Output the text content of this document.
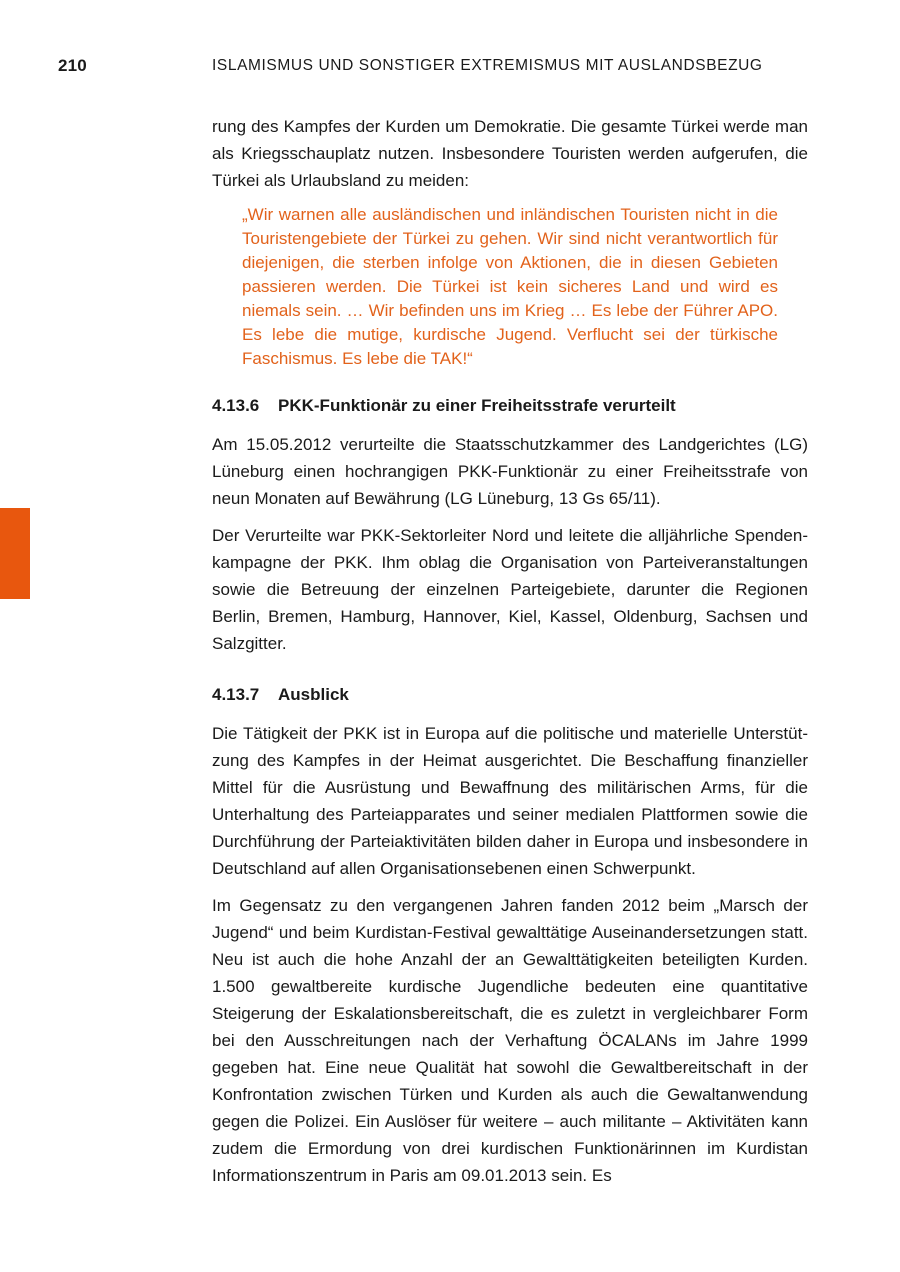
210	ISLAMISMUS UND SONSTIGER EXTREMISMUS MIT AUSLANDSBEZUG

rung des Kampfes der Kurden um Demokratie. Die gesamte Türkei werde man als Kriegsschauplatz nutzen. Insbesondere Touristen werden aufgerufen, die Türkei als Urlaubsland zu meiden:

„Wir warnen alle ausländischen und inländischen Touristen nicht in die Touristengebiete der Türkei zu gehen. Wir sind nicht verantwortlich für diejenigen, die sterben infolge von Aktionen, die in diesen Gebieten passieren werden. Die Türkei ist kein sicheres Land und wird es niemals sein. … Wir befinden uns im Krieg … Es lebe der Führer APO. Es lebe die mutige, kurdische Jugend. Verflucht sei der türkische Faschismus. Es lebe die TAK!“
4.13.6 PKK-Funktionär zu einer Freiheitsstrafe verurteilt

Am 15.05.2012 verurteilte die Staatsschutzkammer des Landgerichtes (LG) Lüneburg einen hochrangigen PKK-Funktionär zu einer Freiheitsstrafe von neun Monaten auf Bewährung (LG Lüneburg, 13 Gs 65/11).

Der Verurteilte war PKK-Sektorleiter Nord und leitete die alljährliche Spendenkampagne der PKK. Ihm oblag die Organisation von Parteiveranstaltungen sowie die Betreuung der einzelnen Parteigebiete, darunter die Regionen Berlin, Bremen, Hamburg, Hannover, Kiel, Kassel, Oldenburg, Sachsen und Salzgitter.

4.13.7 Ausblick

Die Tätigkeit der PKK ist in Europa auf die politische und materielle Unterstützung des Kampfes in der Heimat ausgerichtet. Die Beschaffung finanzieller Mittel für die Ausrüstung und Bewaffnung des militärischen Arms, für die Unterhaltung des Parteiapparates und seiner medialen Plattformen sowie die Durchführung der Parteiaktivitäten bilden daher in Europa und insbesondere in Deutschland auf allen Organisationsebenen einen Schwerpunkt.

Im Gegensatz zu den vergangenen Jahren fanden 2012 beim „Marsch der Jugend“ und beim Kurdistan-Festival gewalttätige Auseinandersetzungen statt. Neu ist auch die hohe Anzahl der an Gewalttätigkeiten beteiligten Kurden. 1.500 gewaltbereite kurdische Jugendliche bedeuten eine quantitative Steigerung der Eskalationsbereitschaft, die es zuletzt in vergleichbarer Form bei den Ausschreitungen nach der Verhaftung ÖCALANs im Jahre 1999 gegeben hat. Eine neue Qualität hat sowohl die Gewaltbereitschaft in der Konfrontation zwischen Türken und Kurden als auch die Gewaltanwendung gegen die Polizei. Ein Auslöser für weitere – auch militante – Aktivitäten kann zudem die Ermordung von drei kurdischen Funktionärinnen im Kurdistan Informationszentrum in Paris am 09.01.2013 sein. Es
